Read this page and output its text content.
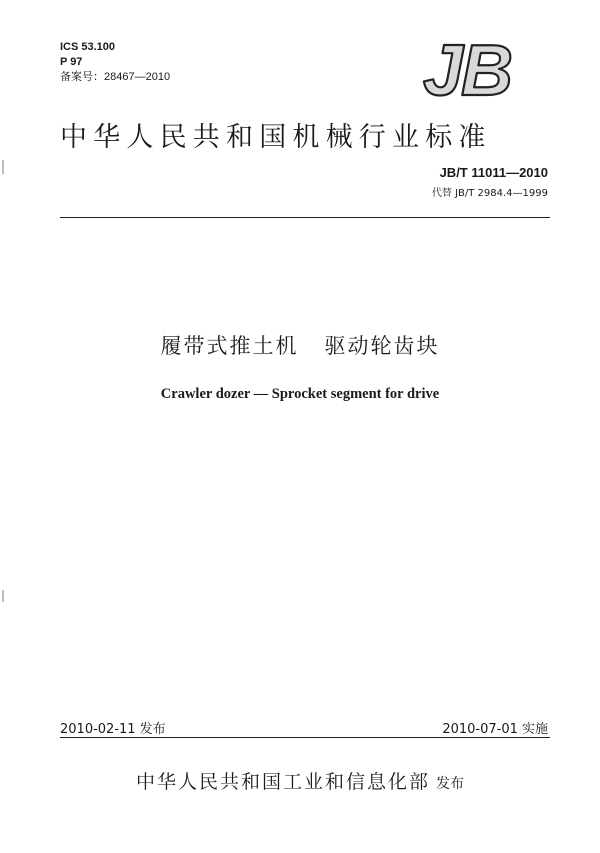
ICS 53.100
P 97
备案号：28467—2010	JB
中华人民共和国机械行业标准
JB/T 11011—2010
代替 JB/T 2984.4—1999
履带式推土机   驱动轮齿块
Crawler dozer — Sprocket segment for drive
2010-02-11 发布	2010-07-01 实施
中华人民共和国工业和信息化部 发布
